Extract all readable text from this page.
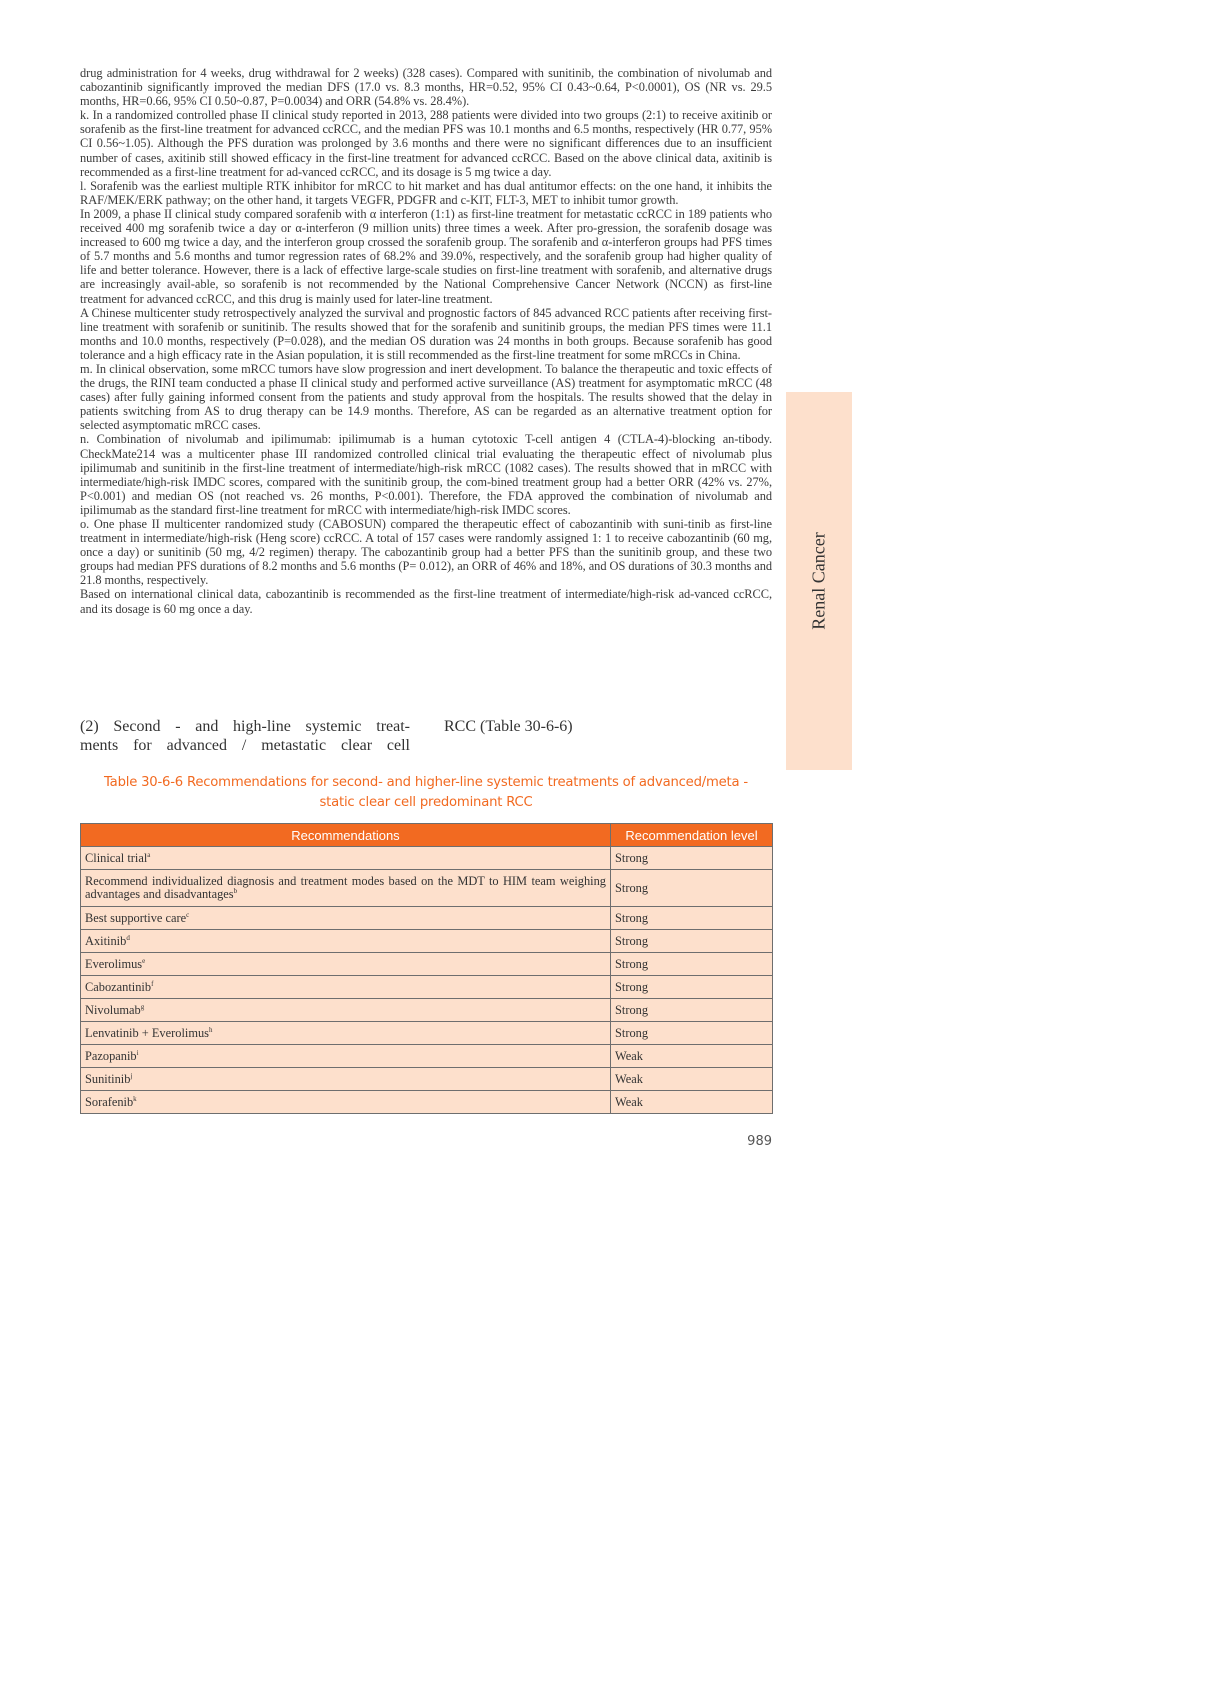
drug administration for 4 weeks, drug withdrawal for 2 weeks) (328 cases). Compared with sunitinib, the combination of nivolumab and cabozantinib significantly improved the median DFS (17.0 vs. 8.3 months, HR=0.52, 95% CI 0.43~0.64, P<0.0001), OS (NR vs. 29.5 months, HR=0.66, 95% CI 0.50~0.87, P=0.0034) and ORR (54.8% vs. 28.4%).

k. In a randomized controlled phase II clinical study reported in 2013, 288 patients were divided into two groups (2:1) to receive axitinib or sorafenib as the first-line treatment for advanced ccRCC, and the median PFS was 10.1 months and 6.5 months, respectively (HR 0.77, 95% CI 0.56~1.05). Although the PFS duration was prolonged by 3.6 months and there were no significant differences due to an insufficient number of cases, axitinib still showed efficacy in the first-line treatment for advanced ccRCC. Based on the above clinical data, axitinib is recommended as a first-line treatment for ad-vanced ccRCC, and its dosage is 5 mg twice a day.

l. Sorafenib was the earliest multiple RTK inhibitor for mRCC to hit market and has dual antitumor effects: on the one hand, it inhibits the RAF/MEK/ERK pathway; on the other hand, it targets VEGFR, PDGFR and c-KIT, FLT-3, MET to inhibit tumor growth.

In 2009, a phase II clinical study compared sorafenib with α interferon (1:1) as first-line treatment for metastatic ccRCC in 189 patients who received 400 mg sorafenib twice a day or α-interferon (9 million units) three times a week. After pro-gression, the sorafenib dosage was increased to 600 mg twice a day, and the interferon group crossed the sorafenib group. The sorafenib and α-interferon groups had PFS times of 5.7 months and 5.6 months and tumor regression rates of 68.2% and 39.0%, respectively, and the sorafenib group had higher quality of life and better tolerance. However, there is a lack of effective large-scale studies on first-line treatment with sorafenib, and alternative drugs are increasingly avail-able, so sorafenib is not recommended by the National Comprehensive Cancer Network (NCCN) as first-line treatment for advanced ccRCC, and this drug is mainly used for later-line treatment.

A Chinese multicenter study retrospectively analyzed the survival and prognostic factors of 845 advanced RCC patients after receiving first-line treatment with sorafenib or sunitinib. The results showed that for the sorafenib and sunitinib groups, the median PFS times were 11.1 months and 10.0 months, respectively (P=0.028), and the median OS duration was 24 months in both groups. Because sorafenib has good tolerance and a high efficacy rate in the Asian population, it is still recommended as the first-line treatment for some mRCCs in China.

m. In clinical observation, some mRCC tumors have slow progression and inert development. To balance the therapeutic and toxic effects of the drugs, the RINI team conducted a phase II clinical study and performed active surveillance (AS) treatment for asymptomatic mRCC (48 cases) after fully gaining informed consent from the patients and study approval from the hospitals. The results showed that the delay in patients switching from AS to drug therapy can be 14.9 months. Therefore, AS can be regarded as an alternative treatment option for selected asymptomatic mRCC cases.

n. Combination of nivolumab and ipilimumab: ipilimumab is a human cytotoxic T-cell antigen 4 (CTLA-4)-blocking an-tibody. CheckMate214 was a multicenter phase III randomized controlled clinical trial evaluating the therapeutic effect of nivolumab plus ipilimumab and sunitinib in the first-line treatment of intermediate/high-risk mRCC (1082 cases). The results showed that in mRCC with intermediate/high-risk IMDC scores, compared with the sunitinib group, the com-bined treatment group had a better ORR (42% vs. 27%, P<0.001) and median OS (not reached vs. 26 months, P<0.001). Therefore, the FDA approved the combination of nivolumab and ipilimumab as the standard first-line treatment for mRCC with intermediate/high-risk IMDC scores.

o. One phase II multicenter randomized study (CABOSUN) compared the therapeutic effect of cabozantinib with suni-tinib as first-line treatment in intermediate/high-risk (Heng score) ccRCC. A total of 157 cases were randomly assigned 1: 1 to receive cabozantinib (60 mg, once a day) or sunitinib (50 mg, 4/2 regimen) therapy. The cabozantinib group had a better PFS than the sunitinib group, and these two groups had median PFS durations of 8.2 months and 5.6 months (P= 0.012), an ORR of 46% and 18%, and OS durations of 30.3 months and 21.8 months, respectively.

Based on international clinical data, cabozantinib is recommended as the first-line treatment of intermediate/high-risk ad-vanced ccRCC, and its dosage is 60 mg once a day.

(2) Second - and high-line systemic treat-
ments for advanced / metastatic clear cell
RCC (Table 30-6-6)
Table 30-6-6 Recommendations for second- and higher-line systemic treatments of advanced/meta -
static clear cell predominant RCC
Recommendations	Recommendation level
Clinical trial$^a$	Strong
Recommend individualized diagnosis and treatment modes based on the MDT to HIM team weighing advantages and disadvantages$^b$	Strong
Best supportive care$^c$	Strong
Axitinib$^d$	Strong
Everolimus$^e$	Strong
Cabozantinib$^f$	Strong
Nivolumab$^g$	Strong
Lenvatinib + Everolimus$^h$	Strong
Pazopanib$^i$	Weak
Sunitinib$^j$	Weak
Sorafenib$^k$	Weak
989
Renal Cancer
